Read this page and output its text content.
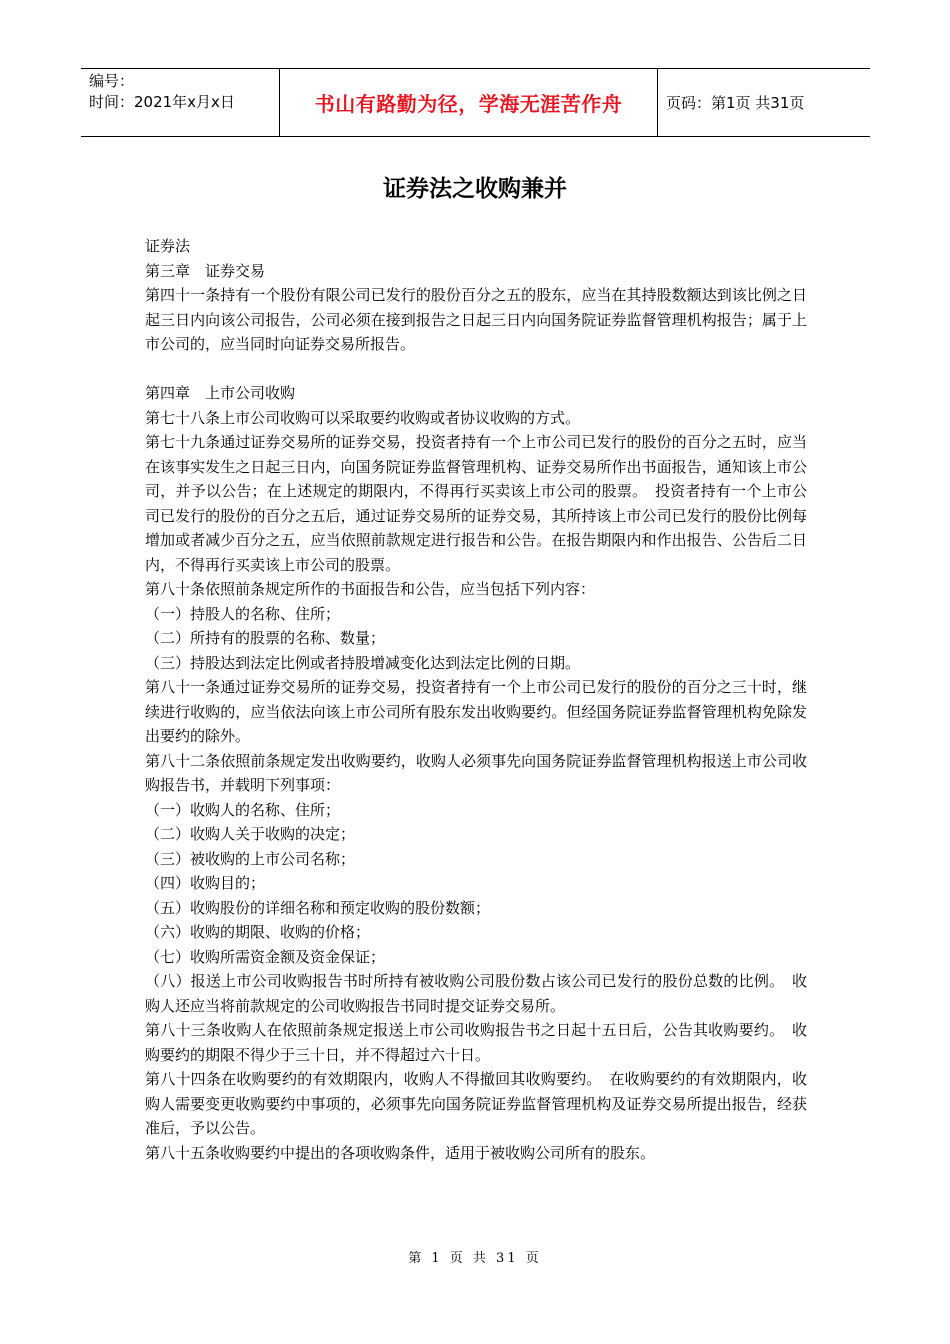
编号：
时间：2021年x月x日	书山有路勤为径，学海无涯苦作舟	页码：第1页 共31页
证券法之收购兼并

证券法

第三章　证券交易

第四十一条持有一个股份有限公司已发行的股份百分之五的股东，应当在其持股数额达到该比例之日起三日内向该公司报告，公司必须在接到报告之日起三日内向国务院证券监督管理机构报告；属于上市公司的，应当同时向证券交易所报告。

第四章　上市公司收购

第七十八条上市公司收购可以采取要约收购或者协议收购的方式。

第七十九条通过证券交易所的证券交易，投资者持有一个上市公司已发行的股份的百分之五时，应当在该事实发生之日起三日内，向国务院证券监督管理机构、证券交易所作出书面报告，通知该上市公司，并予以公告；在上述规定的期限内，不得再行买卖该上市公司的股票。　投资者持有一个上市公司已发行的股份的百分之五后，通过证券交易所的证券交易，其所持该上市公司已发行的股份比例每增加或者减少百分之五，应当依照前款规定进行报告和公告。在报告期限内和作出报告、公告后二日内，不得再行买卖该上市公司的股票。

第八十条依照前条规定所作的书面报告和公告，应当包括下列内容：

（一）持股人的名称、住所；

（二）所持有的股票的名称、数量；

（三）持股达到法定比例或者持股增减变化达到法定比例的日期。

第八十一条通过证券交易所的证券交易，投资者持有一个上市公司已发行的股份的百分之三十时，继续进行收购的，应当依法向该上市公司所有股东发出收购要约。但经国务院证券监督管理机构免除发出要约的除外。

第八十二条依照前条规定发出收购要约，收购人必须事先向国务院证券监督管理机构报送上市公司收购报告书，并载明下列事项：

（一）收购人的名称、住所；

（二）收购人关于收购的决定；

（三）被收购的上市公司名称；

（四）收购目的；

（五）收购股份的详细名称和预定收购的股份数额；

（六）收购的期限、收购的价格；

（七）收购所需资金额及资金保证；

（八）报送上市公司收购报告书时所持有被收购公司股份数占该公司已发行的股份总数的比例。　收购人还应当将前款规定的公司收购报告书同时提交证券交易所。

第八十三条收购人在依照前条规定报送上市公司收购报告书之日起十五日后，公告其收购要约。　收购要约的期限不得少于三十日，并不得超过六十日。

第八十四条在收购要约的有效期限内，收购人不得撤回其收购要约。　在收购要约的有效期限内，收购人需要变更收购要约中事项的，必须事先向国务院证券监督管理机构及证券交易所提出报告，经获准后，予以公告。

第八十五条收购要约中提出的各项收购条件，适用于被收购公司所有的股东。

第 1 页 共 31 页
